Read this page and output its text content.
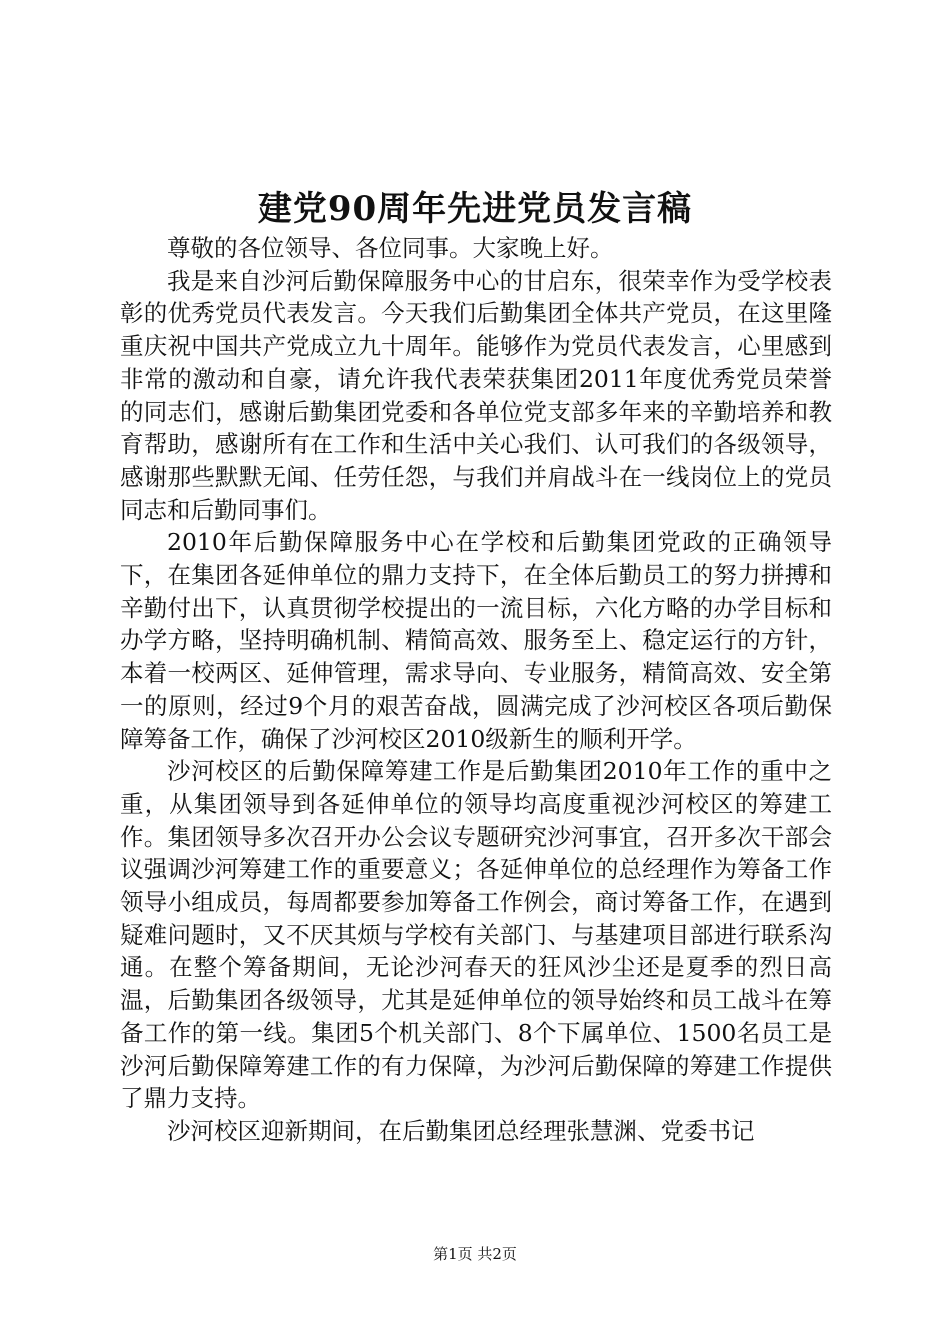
建党90周年先进党员发言稿

尊敬的各位领导、各位同事。大家晚上好。

我是来自沙河后勤保障服务中心的甘启东，很荣幸作为受学校表彰的优秀党员代表发言。今天我们后勤集团全体共产党员，在这里隆重庆祝中国共产党成立九十周年。能够作为党员代表发言，心里感到非常的激动和自豪，请允许我代表荣获集团2011年度优秀党员荣誉的同志们，感谢后勤集团党委和各单位党支部多年来的辛勤培养和教育帮助，感谢所有在工作和生活中关心我们、认可我们的各级领导，感谢那些默默无闻、任劳任怨，与我们并肩战斗在一线岗位上的党员同志和后勤同事们。

2010年后勤保障服务中心在学校和后勤集团党政的正确领导下，在集团各延伸单位的鼎力支持下，在全体后勤员工的努力拼搏和辛勤付出下，认真贯彻学校提出的一流目标，六化方略的办学目标和办学方略，坚持明确机制、精简高效、服务至上、稳定运行的方针，本着一校两区、延伸管理，需求导向、专业服务，精简高效、安全第一的原则，经过9个月的艰苦奋战，圆满完成了沙河校区各项后勤保障筹备工作，确保了沙河校区2010级新生的顺利开学。

沙河校区的后勤保障筹建工作是后勤集团2010年工作的重中之重，从集团领导到各延伸单位的领导均高度重视沙河校区的筹建工作。集团领导多次召开办公会议专题研究沙河事宜，召开多次干部会议强调沙河筹建工作的重要意义；各延伸单位的总经理作为筹备工作领导小组成员，每周都要参加筹备工作例会，商讨筹备工作，在遇到疑难问题时，又不厌其烦与学校有关部门、与基建项目部进行联系沟通。在整个筹备期间，无论沙河春天的狂风沙尘还是夏季的烈日高温，后勤集团各级领导，尤其是延伸单位的领导始终和员工战斗在筹备工作的第一线。集团5个机关部门、8个下属单位、1500名员工是沙河后勤保障筹建工作的有力保障，为沙河后勤保障的筹建工作提供了鼎力支持。

沙河校区迎新期间，在后勤集团总经理张慧渊、党委书记

第1页 共2页
